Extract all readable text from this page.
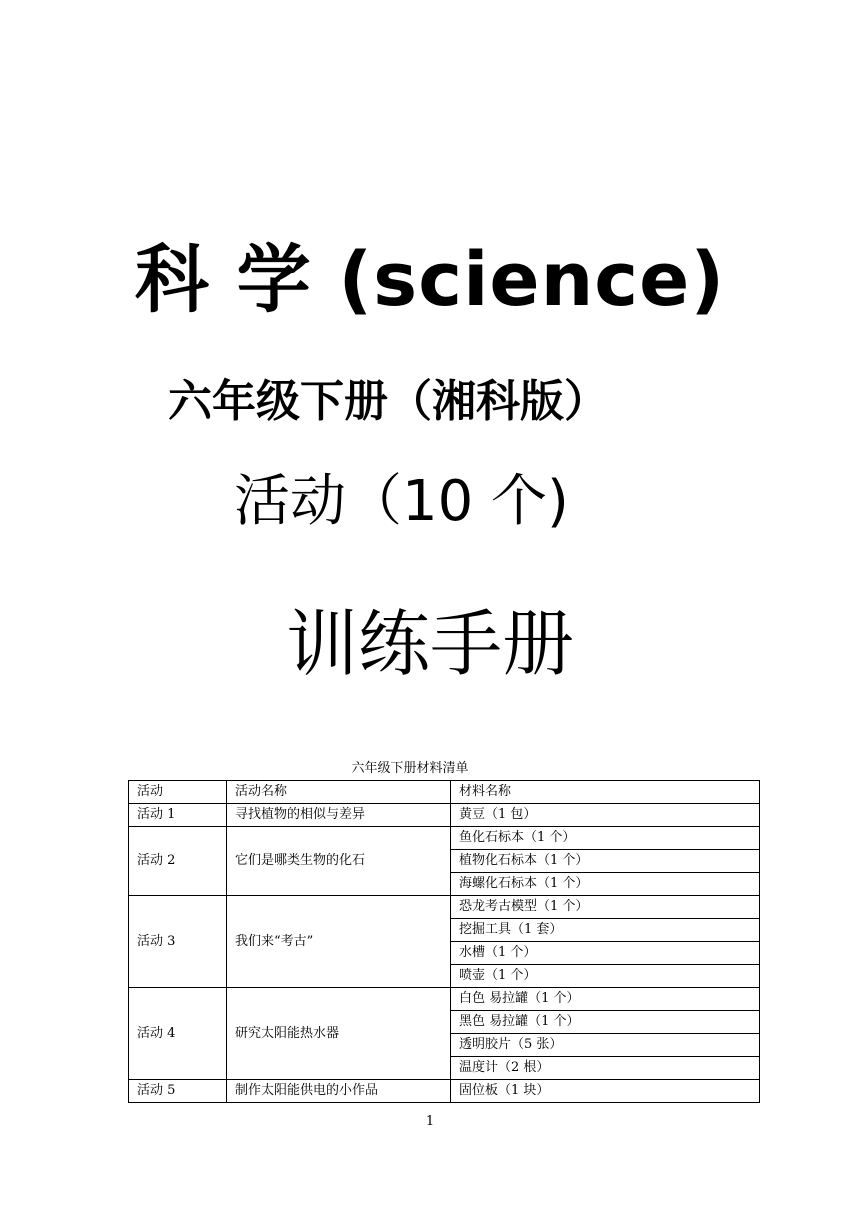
科 学 (science)
六年级下册（湘科版）
活动（10 个)
训练手册
六年级下册材料清单
活动	活动名称	材料名称
活动 1	寻找植物的相似与差异	黄豆（1 包）
活动 2	它们是哪类生物的化石	鱼化石标本（1 个）
		植物化石标本（1 个）
		海螺化石标本（1 个）
活动 3	我们来“考古”	恐龙考古模型（1 个）
		挖掘工具（1 套）
		水槽（1 个）
		喷壶（1 个）
活动 4	研究太阳能热水器	白色 易拉罐（1 个）
		黑色 易拉罐（1 个）
		透明胶片（5 张）
		温度计（2 根）
活动 5	制作太阳能供电的小作品	固位板（1 块）
1
